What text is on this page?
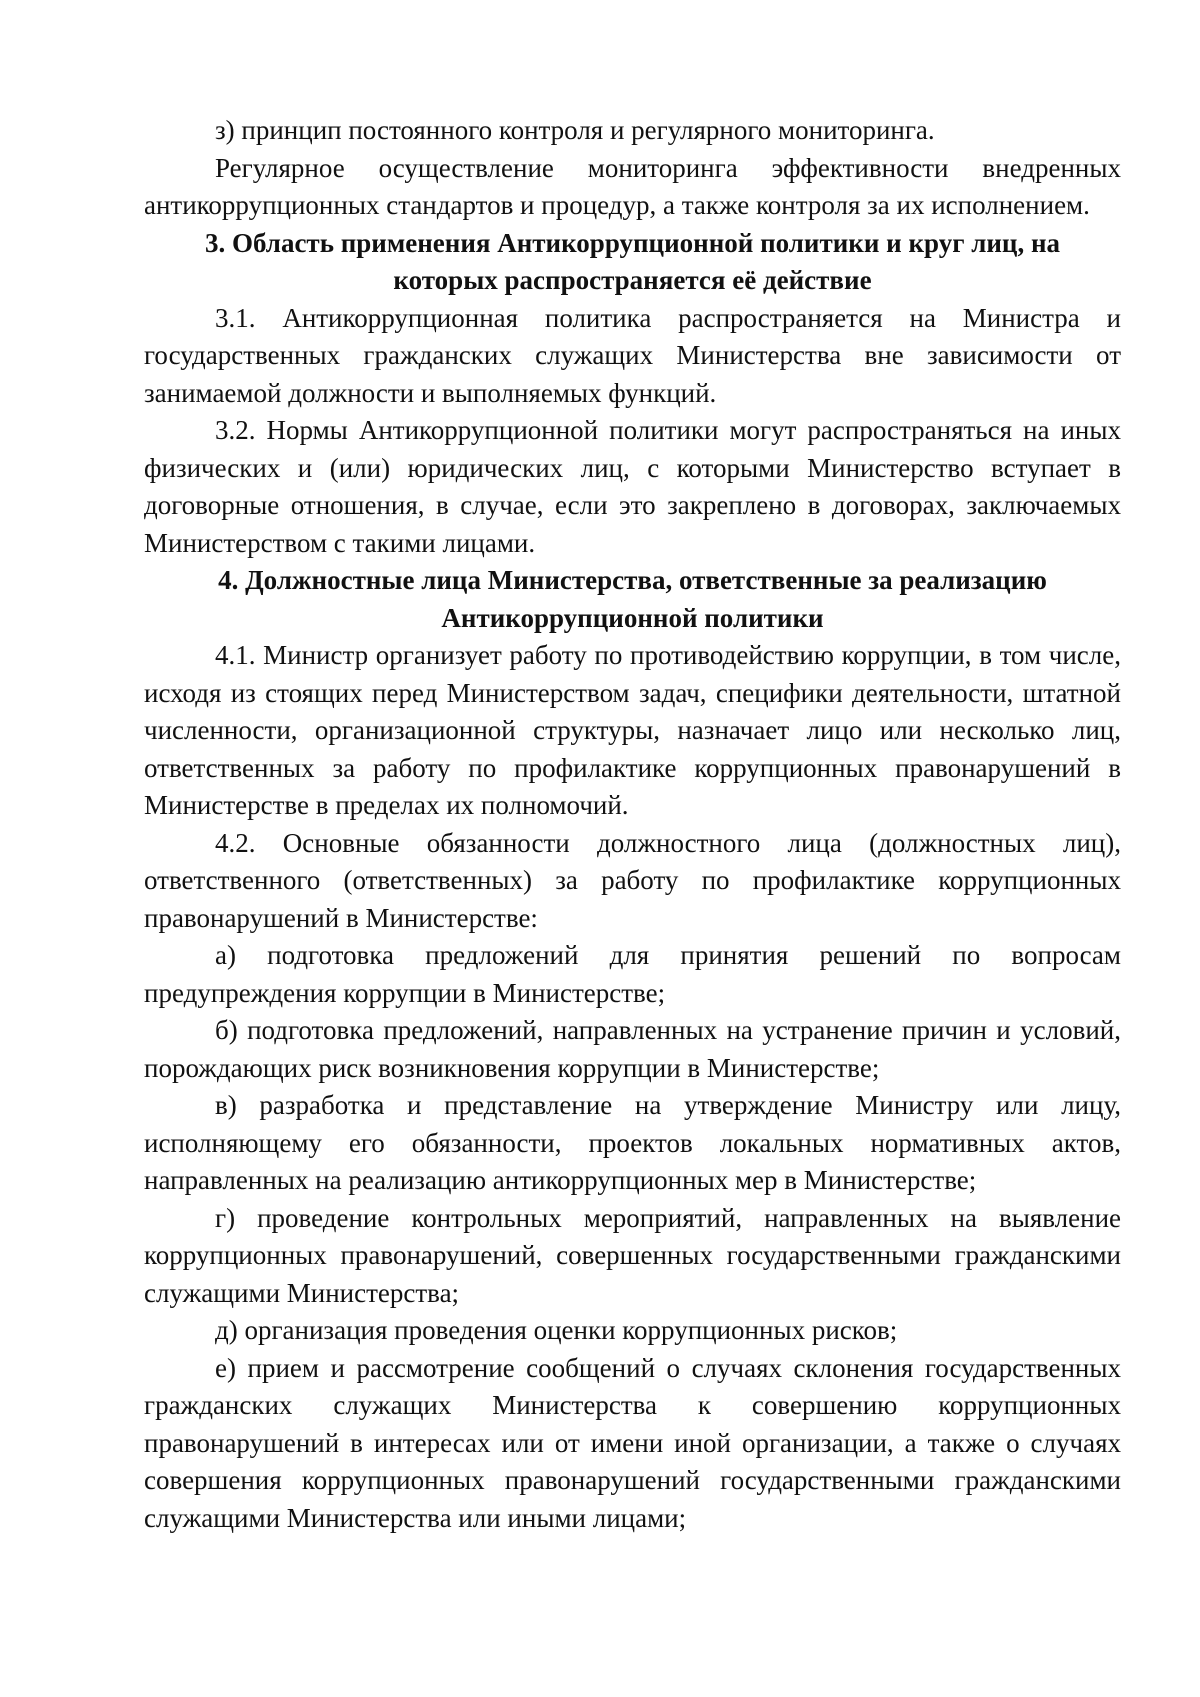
з) принцип постоянного контроля и регулярного мониторинга.

Регулярное осуществление мониторинга эффективности внедренных антикоррупционных стандартов и процедур, а также контроля за их исполнением.

3. Область применения Антикоррупционной политики и круг лиц, на которых распространяется её действие

3.1. Антикоррупционная политика распространяется на Министра и государственных гражданских служащих Министерства вне зависимости от занимаемой должности и выполняемых функций.

3.2. Нормы Антикоррупционной политики могут распространяться на иных физических и (или) юридических лиц, с которыми Министерство вступает в договорные отношения, в случае, если это закреплено в договорах, заключаемых Министерством с такими лицами.

4. Должностные лица Министерства, ответственные за реализацию Антикоррупционной политики

4.1. Министр организует работу по противодействию коррупции, в том числе, исходя из стоящих перед Министерством задач, специфики деятельности, штатной численности, организационной структуры, назначает лицо или несколько лиц, ответственных за работу по профилактике коррупционных правонарушений в Министерстве в пределах их полномочий.

4.2. Основные обязанности должностного лица (должностных лиц), ответственного (ответственных) за работу по профилактике коррупционных правонарушений в Министерстве:

а) подготовка предложений для принятия решений по вопросам предупреждения коррупции в Министерстве;

б) подготовка предложений, направленных на устранение причин и условий, порождающих риск возникновения коррупции в Министерстве;

в) разработка и представление на утверждение Министру или лицу, исполняющему его обязанности, проектов локальных нормативных актов, направленных на реализацию антикоррупционных мер в Министерстве;

г) проведение контрольных мероприятий, направленных на выявление коррупционных правонарушений, совершенных государственными гражданскими служащими Министерства;

д) организация проведения оценки коррупционных рисков;

е) прием и рассмотрение сообщений о случаях склонения государственных гражданских служащих Министерства к совершению коррупционных правонарушений в интересах или от имени иной организации, а также о случаях совершения коррупционных правонарушений государственными гражданскими служащими Министерства или иными лицами;
